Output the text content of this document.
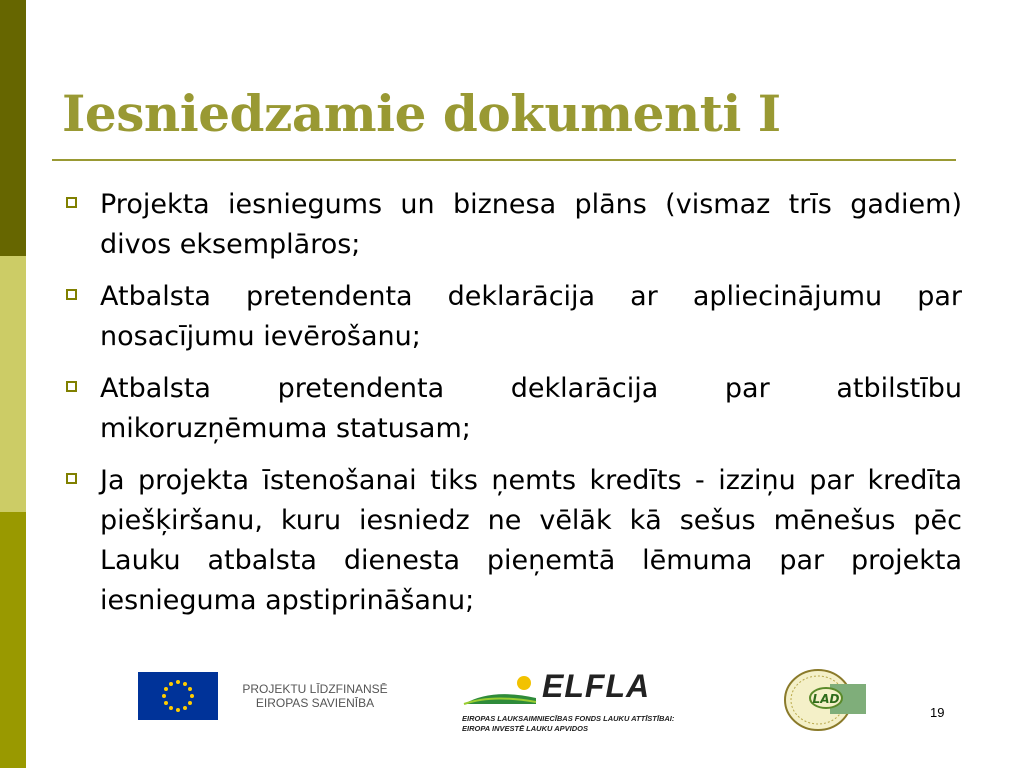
Iesniedzamie dokumenti I
Projekta iesniegums un biznesa plāns (vismaz trīs gadiem) divos eksemplāros;
Atbalsta pretendenta deklarācija ar apliecinājumu par nosacījumu ievērošanu;
Atbalsta pretendenta deklarācija par atbilstību mikoruzņēmuma statusam;
Ja projekta īstenošanai tiks ņemts kredīts - izziņu par kredīta piešķiršanu, kuru iesniedz ne vēlāk kā sešus mēnešus pēc Lauku atbalsta dienesta pieņemtā lēmuma par projekta iesnieguma apstiprināšanu;
PROJEKTU LĪDZFINANSĒ
EIROPAS SAVIENĪBA	ELFLA
EIROPAS LAUKSAIMNIECĪBAS FONDS LAUKU ATTĪSTĪBAI:
EIROPA INVESTĒ LAUKU APVIDOS
LAD
19
